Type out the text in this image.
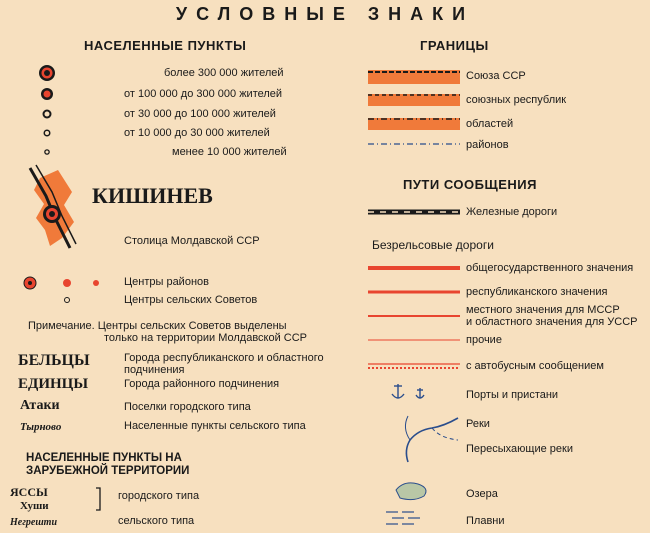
УСЛОВНЫЕ ЗНАКИ
НАСЕЛЕННЫЕ ПУНКТЫ
более 300 000 жителей
от 100 000 до 300 000 жителей
от 30 000 до 100 000 жителей
от 10 000 до 30 000 жителей
менее 10 000 жителей
КИШИНЕВ
Столица Молдавской ССР
Центры районов
Центры сельских Советов
Примечание. Центры сельских Советов выделены
только на территории Молдавской ССР
БЕЛЬЦЫ	Города республиканского и областного подчинения
ЕДИНЦЫ	Города районного подчинения
Атаки	Поселки городского типа
Тырново	Населенные пункты сельского типа
НАСЕЛЕННЫЕ ПУНКТЫ НА
ЗАРУБЕЖНОЙ ТЕРРИТОРИИ
ЯССЫ
Хуши
городского типа
Негрешти	сельского типа
ГРАНИЦЫ
Союза ССР
союзных республик
областей
районов
ПУТИ СООБЩЕНИЯ
Железные дороги
Безрельсовые дороги
общегосударственного значения
республиканского значения
местного значения для МССР
и областного значения для УССР
прочие
с автобусным сообщением
Порты и пристани
Реки
Пересыхающие реки
Озера
Плавни
